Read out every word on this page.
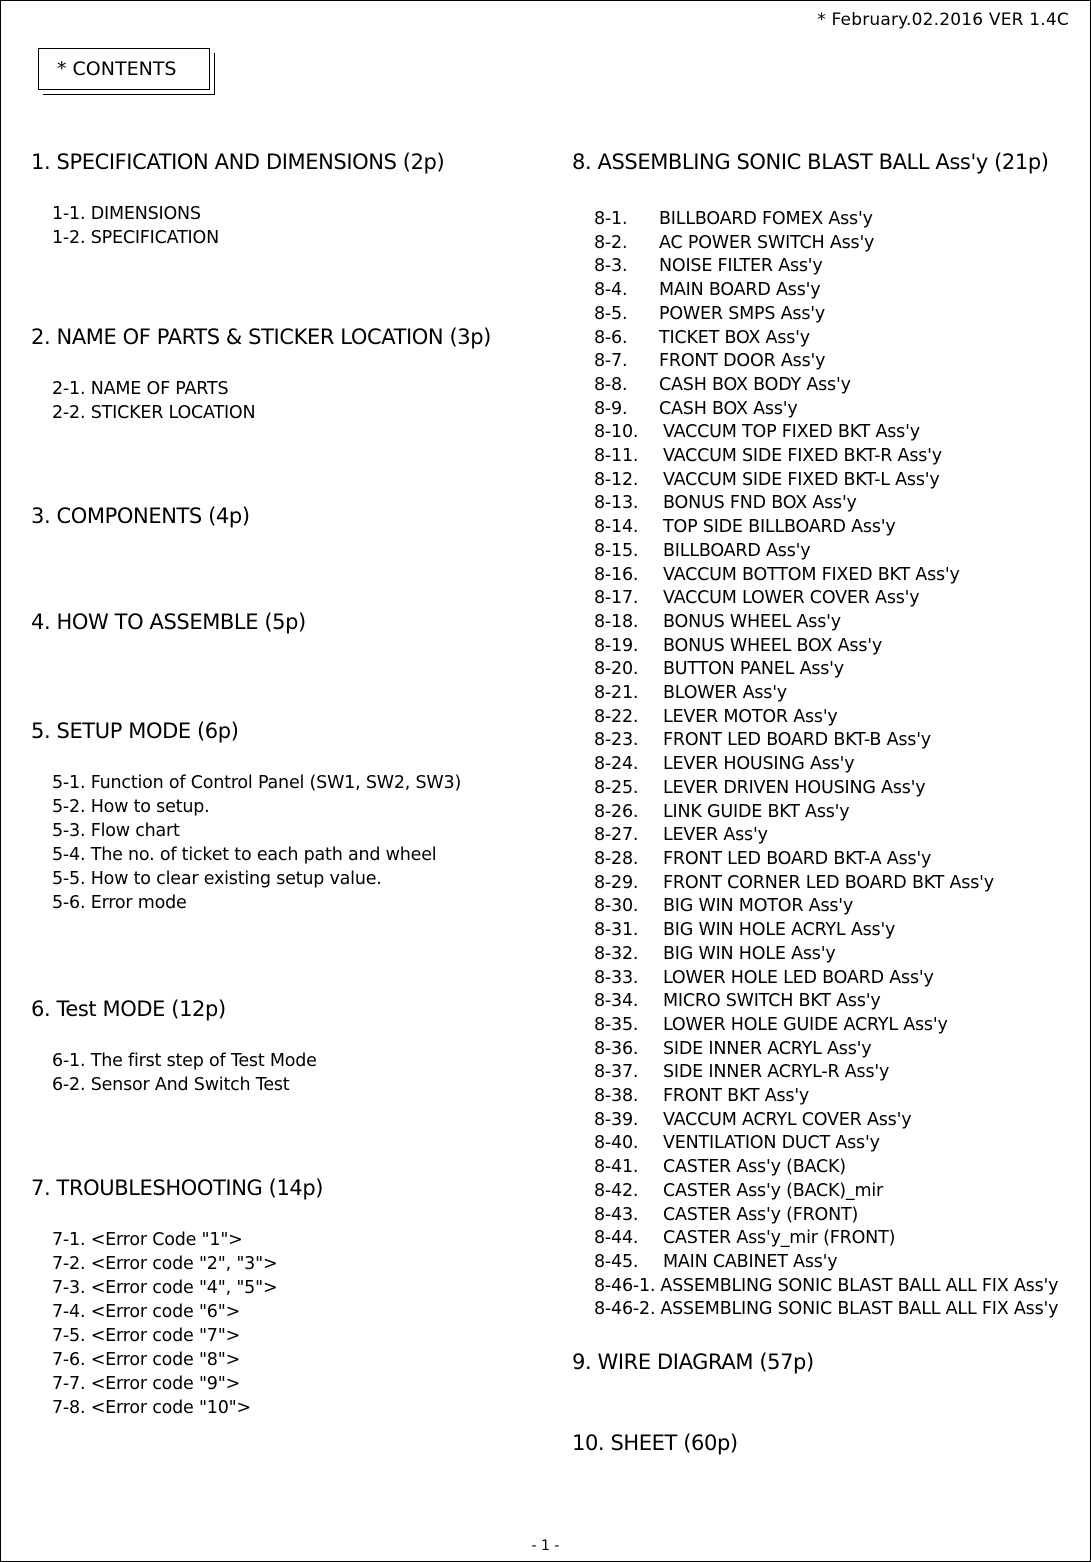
* February.02.2016 VER 1.4C
* CONTENTS
1. SPECIFICATION AND DIMENSIONS (2p)
1-1. DIMENSIONS
1-2. SPECIFICATION
2. NAME OF PARTS & STICKER LOCATION (3p)
2-1. NAME OF PARTS
2-2. STICKER LOCATION
3. COMPONENTS (4p)
4. HOW TO ASSEMBLE (5p)
5. SETUP MODE (6p)
5-1. Function of Control Panel (SW1, SW2, SW3)
5-2. How to setup.
5-3. Flow chart
5-4. The no. of ticket to each path and wheel
5-5. How to clear existing setup value.
5-6. Error mode
6. Test MODE (12p)
6-1. The first step of Test Mode
6-2. Sensor And Switch Test
7. TROUBLESHOOTING (14p)
7-1. <Error Code "1">
7-2. <Error code "2", "3">
7-3. <Error code "4", "5">
7-4. <Error code "6">
7-5. <Error code "7">
7-6. <Error code "8">
7-7. <Error code "9">
7-8. <Error code "10">
8. ASSEMBLING SONIC BLAST BALL Ass'y (21p)
8-1.	BILLBOARD FOMEX Ass'y
8-2.	AC POWER SWITCH Ass'y
8-3.	NOISE FILTER Ass'y
8-4.	MAIN BOARD Ass'y
8-5.	POWER SMPS Ass'y
8-6.	TICKET BOX Ass'y
8-7.	FRONT DOOR Ass'y
8-8.	CASH BOX BODY Ass'y
8-9.	CASH BOX Ass'y
8-10.	VACCUM TOP FIXED BKT Ass'y
8-11.	VACCUM SIDE FIXED BKT-R Ass'y
8-12.	VACCUM SIDE FIXED BKT-L Ass'y
8-13.	BONUS FND BOX Ass'y
8-14.	TOP SIDE BILLBOARD Ass'y
8-15.	BILLBOARD Ass'y
8-16.	VACCUM BOTTOM FIXED BKT Ass'y
8-17.	VACCUM LOWER COVER Ass'y
8-18.	BONUS WHEEL Ass'y
8-19.	BONUS WHEEL BOX Ass'y
8-20.	BUTTON PANEL Ass'y
8-21.	BLOWER Ass'y
8-22.	LEVER MOTOR Ass'y
8-23.	FRONT LED BOARD BKT-B Ass'y
8-24.	LEVER HOUSING Ass'y
8-25.	LEVER DRIVEN HOUSING Ass'y
8-26.	LINK GUIDE BKT Ass'y
8-27.	LEVER Ass'y
8-28.	FRONT LED BOARD BKT-A Ass'y
8-29.	FRONT CORNER LED BOARD BKT Ass'y
8-30.	BIG WIN MOTOR Ass'y
8-31.	BIG WIN HOLE ACRYL Ass'y
8-32.	BIG WIN HOLE Ass'y
8-33.	LOWER HOLE LED BOARD Ass'y
8-34.	MICRO SWITCH BKT Ass'y
8-35.	LOWER HOLE GUIDE ACRYL Ass'y
8-36.	SIDE INNER ACRYL Ass'y
8-37.	SIDE INNER ACRYL-R Ass'y
8-38.	FRONT BKT Ass'y
8-39.	VACCUM ACRYL COVER Ass'y
8-40.	VENTILATION DUCT Ass'y
8-41.	CASTER Ass'y (BACK)
8-42.	CASTER Ass'y (BACK)_mir
8-43.	CASTER Ass'y (FRONT)
8-44.	CASTER Ass'y_mir (FRONT)
8-45.	MAIN CABINET Ass'y
8-46-1. ASSEMBLING SONIC BLAST BALL ALL FIX Ass'y
8-46-2. ASSEMBLING SONIC BLAST BALL ALL FIX Ass'y
9. WIRE DIAGRAM (57p)
10. SHEET (60p)
- 1 -
